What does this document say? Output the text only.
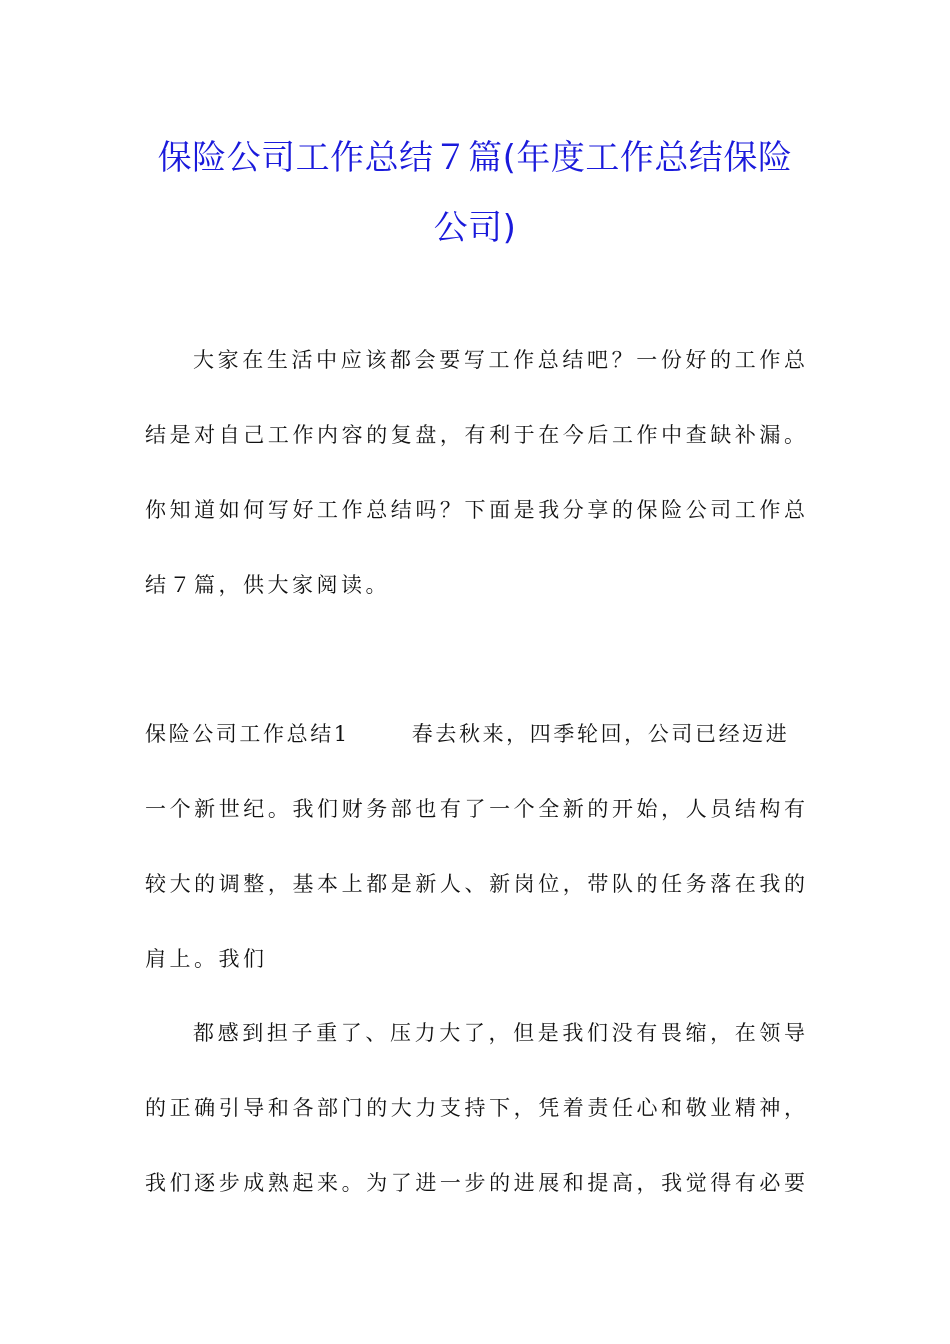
保险公司工作总结７篇(年度工作总结保险
公司)

大家在生活中应该都会要写工作总结吧？一份好的工作总

结是对自己工作内容的复盘，有利于在今后工作中查缺补漏。

你知道如何写好工作总结吗？下面是我分享的保险公司工作总

结７篇，供大家阅读。

保险公司工作总结1	春去秋来，四季轮回，公司已经迈进

一个新世纪。我们财务部也有了一个全新的开始，人员结构有

较大的调整，基本上都是新人、新岗位，带队的任务落在我的

肩上。我们

都感到担子重了、压力大了，但是我们没有畏缩，在领导

的正确引导和各部门的大力支持下，凭着责任心和敬业精神，

我们逐步成熟起来。为了进一步的进展和提高，我觉得有必要
